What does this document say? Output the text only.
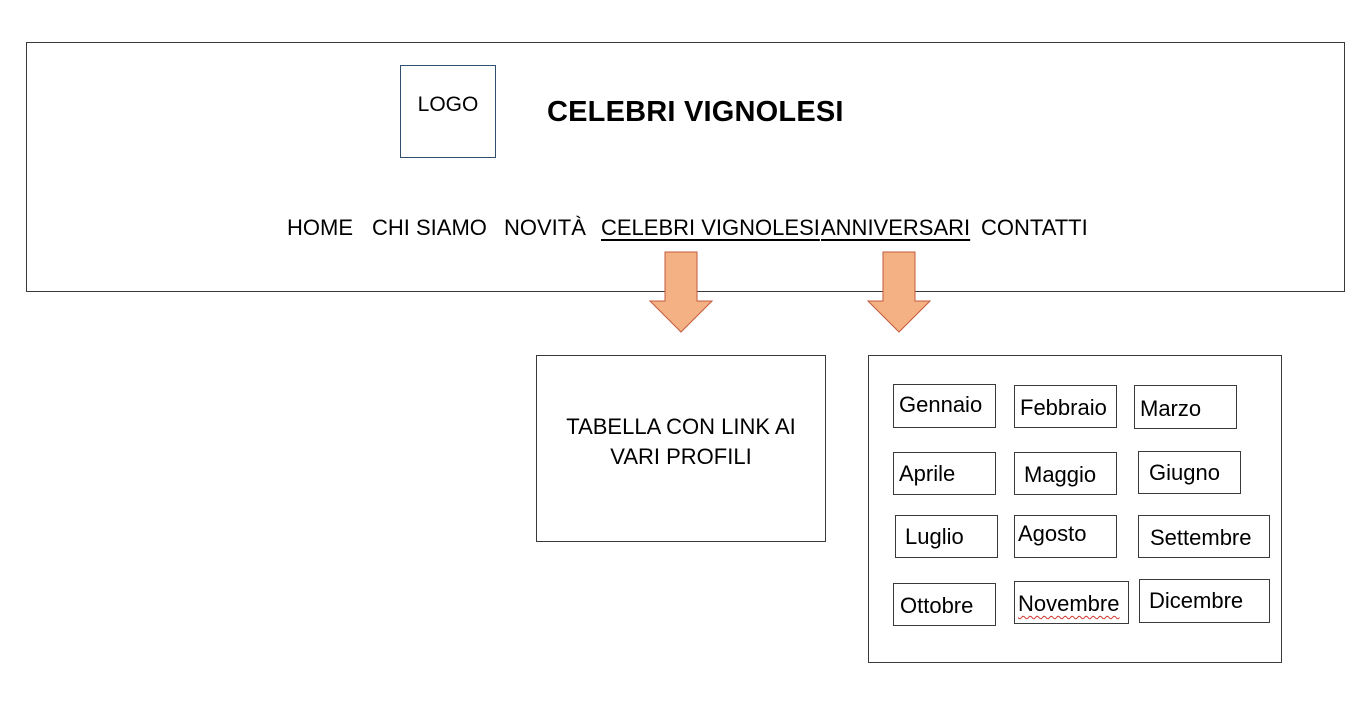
LOGO CELEBRI VIGNOLESI
HOME CHI SIAMO NOVITÀ CELEBRI VIGNOLESI ANNIVERSARI CONTATTI
TABELLA CON LINK AI VARI PROFILI
Gennaio	Febbraio	Marzo
Aprile	Maggio	Giugno
Luglio	Agosto	Settembre
Ottobre	Novembre	Dicembre
